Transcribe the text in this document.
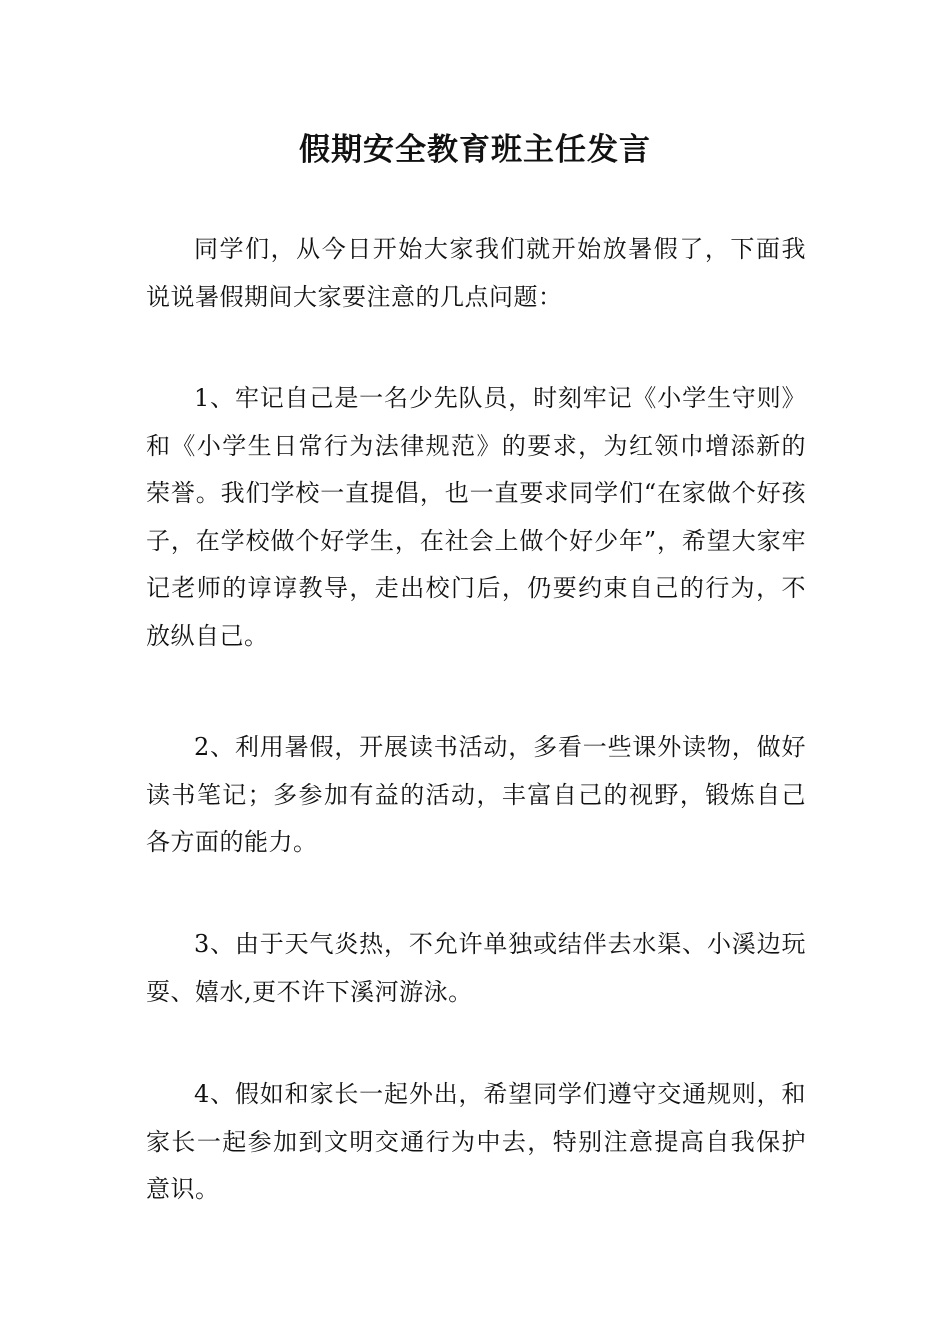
假期安全教育班主任发言

同学们，从今日开始大家我们就开始放暑假了，下面我说说暑假期间大家要注意的几点问题：

1、牢记自己是一名少先队员，时刻牢记《小学生守则》和《小学生日常行为法律规范》的要求，为红领巾增添新的荣誉。我们学校一直提倡，也一直要求同学们“在家做个好孩子，在学校做个好学生，在社会上做个好少年”，希望大家牢记老师的谆谆教导，走出校门后，仍要约束自己的行为，不放纵自己。

2、利用暑假，开展读书活动，多看一些课外读物，做好读书笔记；多参加有益的活动，丰富自己的视野，锻炼自己各方面的能力。

3、由于天气炎热，不允许单独或结伴去水渠、小溪边玩耍、嬉水,更不许下溪河游泳。

4、假如和家长一起外出，希望同学们遵守交通规则，和家长一起参加到文明交通行为中去，特别注意提高自我保护意识。
